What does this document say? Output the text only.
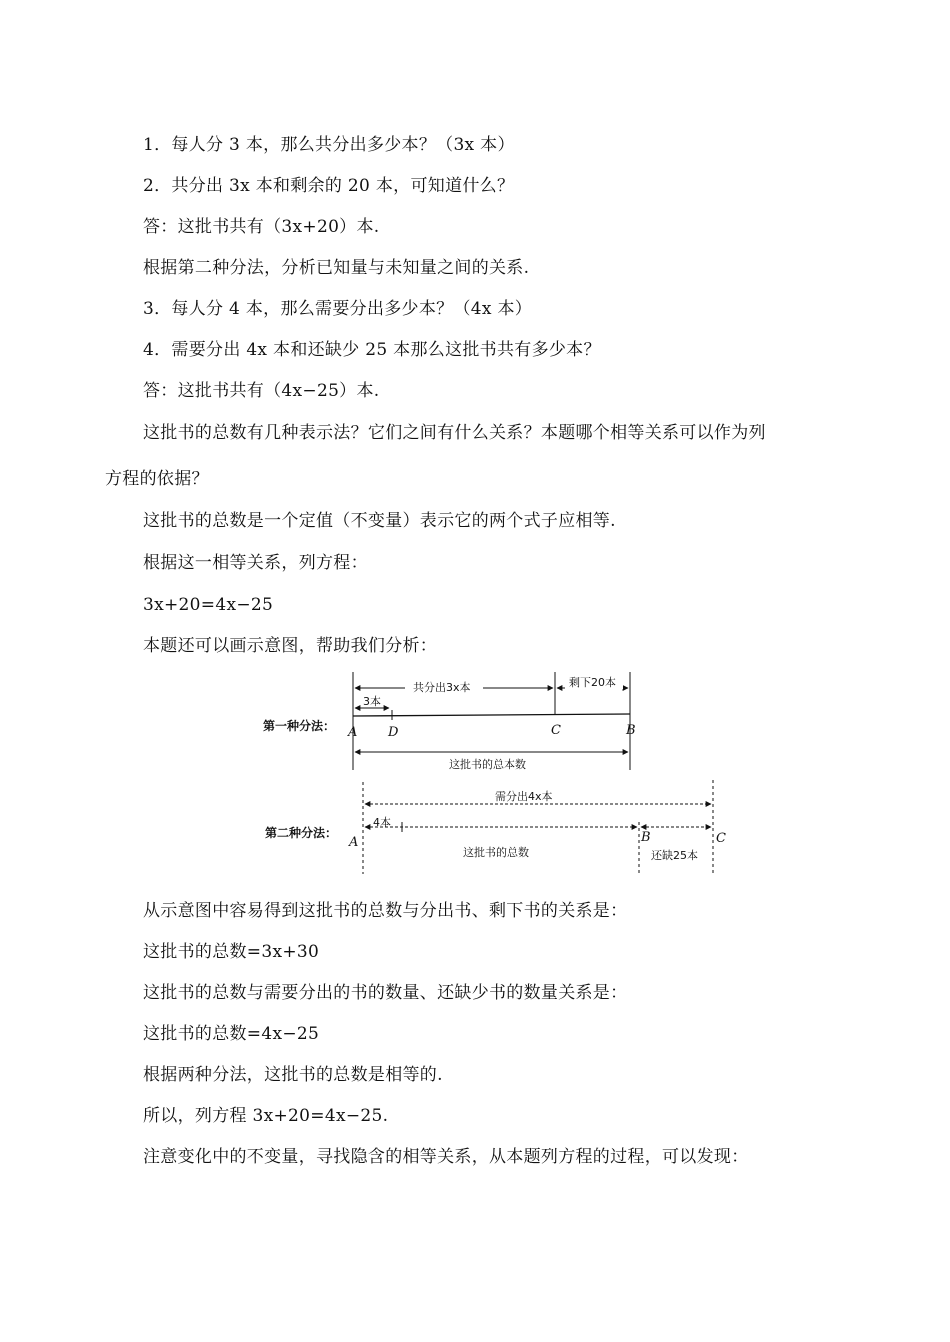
1．每人分 3 本，那么共分出多少本？（3x 本）
2．共分出 3x 本和剩余的 20 本，可知道什么？
答：这批书共有（3x+20）本.
根据第二种分法，分析已知量与未知量之间的关系.
3．每人分 4 本，那么需要分出多少本？（4x 本）
4．需要分出 4x 本和还缺少 25 本那么这批书共有多少本？
答：这批书共有（4x−25）本.
这批书的总数有几种表示法？它们之间有什么关系？本题哪个相等关系可以作为列
方程的依据？
这批书的总数是一个定值（不变量）表示它的两个式子应相等.
根据这一相等关系，列方程：
3x+20=4x−25
本题还可以画示意图，帮助我们分析：
第一种分法：
共分出3x本	剩下20本
3本
A D	C	B
这批书的总本数
第二种分法：
需分出4x本
4本
A	B	C
这批书的总数	还缺25本
从示意图中容易得到这批书的总数与分出书、剩下书的关系是：
这批书的总数=3x+30
这批书的总数与需要分出的书的数量、还缺少书的数量关系是：
这批书的总数=4x−25
根据两种分法，这批书的总数是相等的.
所以，列方程 3x+20=4x−25.
注意变化中的不变量，寻找隐含的相等关系，从本题列方程的过程，可以发现：
